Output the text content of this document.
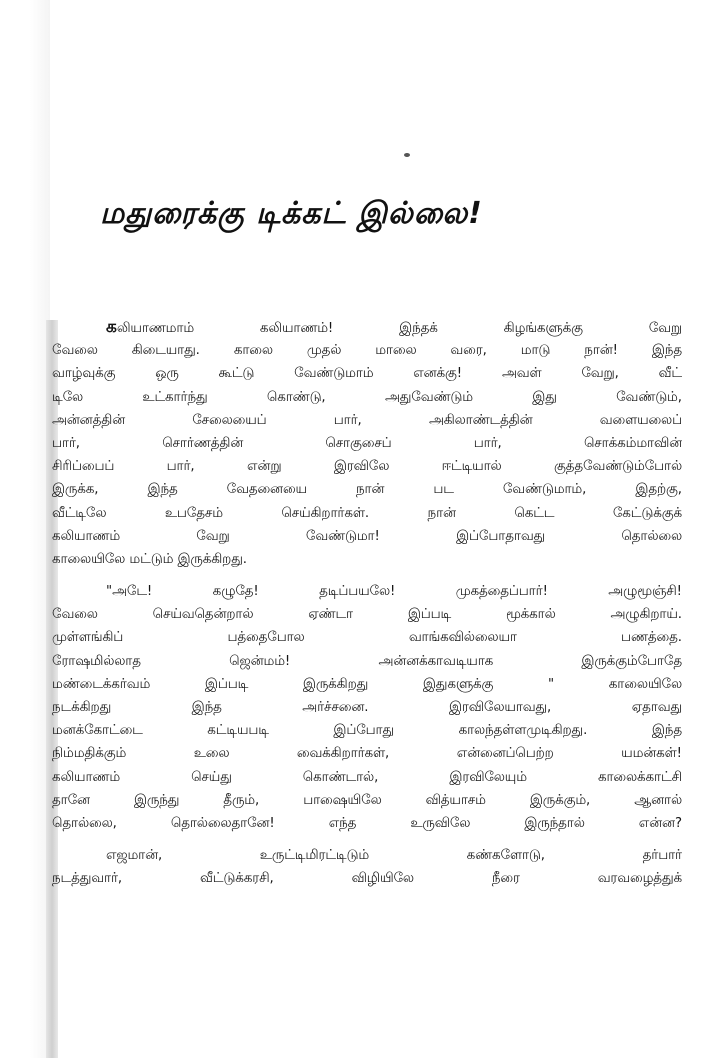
மதுரைக்கு டிக்கட் இல்லை!

கலியாணமாம் கலியாணம்! இந்தக் கிழங்களுக்கு வேறு
வேலை கிடையாது. காலை முதல் மாலை வரை, மாடு நான்! இந்த
வாழ்வுக்கு ஒரு கூட்டு வேண்டுமாம் எனக்கு! அவள் வேறு, வீட்
டிலே உட்கார்ந்து கொண்டு, அதுவேண்டும் இது வேண்டும்,
அன்னத்தின் சேலையைப் பார், அகிலாண்டத்தின் வளையலைப்
பார், சொர்ணத்தின் சொகுசைப் பார், சொக்கம்மாவின்
சிரிப்பைப் பார், என்று இரவிலே ஈட்டியால் குத்தவேண்டும்போல்
இருக்க, இந்த வேதனையை நான் பட வேண்டுமாம், இதற்கு,
வீட்டிலே உபதேசம் செய்கிறார்கள். நான் கெட்ட கேட்டுக்குக்
கலியாணம் வேறு வேண்டுமா! இப்போதாவது தொல்லை
காலையிலே மட்டும் இருக்கிறது.

"அடே! கழுதே! தடிப்பயலே! முகத்தைப்பார்! அழுமூஞ்சி!
வேலை செய்வதென்றால் ஏண்டா இப்படி மூக்கால் அழுகிறாய்.
முள்ளங்கிப் பத்தைபோல வாங்கவில்லையா பணத்தை.
ரோஷமில்லாத ஜென்மம்! அன்னக்காவடியாக இருக்கும்போதே
மண்டைக்கர்வம் இப்படி இருக்கிறது இதுகளுக்கு " காலையிலே
நடக்கிறது இந்த அர்ச்சனை. இரவிலேயாவது, ஏதாவது
மனக்கோட்டை கட்டியபடி இப்போது காலந்தள்ளமுடிகிறது. இந்த
நிம்மதிக்கும் உலை வைக்கிறார்கள், என்னைப்பெற்ற யமன்கள்!
கலியாணம் செய்து கொண்டால், இரவிலேயும் காலைக்காட்சி
தானே இருந்து தீரும், பாஷையிலே வித்யாசம் இருக்கும், ஆனால்
தொல்லை, தொல்லைதானே! எந்த உருவிலே இருந்தால் என்ன?

எஜமான், உருட்டிமிரட்டிடும் கண்களோடு, தர்பார்
நடத்துவார், வீட்டுக்கரசி, விழியிலே நீரை வரவழைத்துக்
